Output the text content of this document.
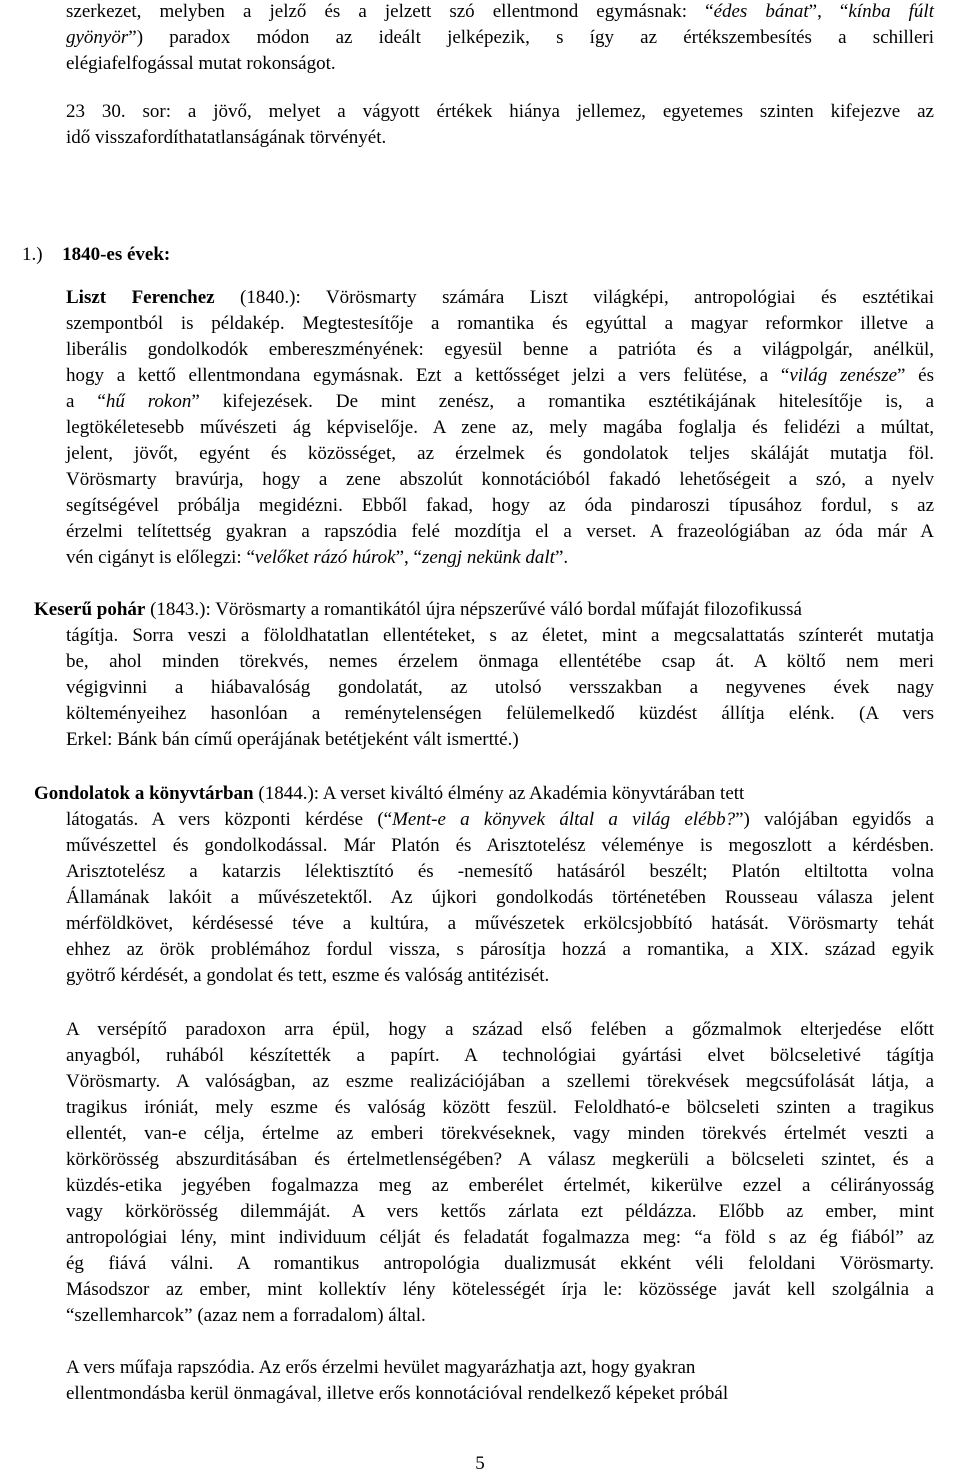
szerkezet, melyben a jelző és a jelzett szó ellentmond egymásnak: “édes bánat”, “kínba fúlt
gyönyör”) paradox módon az ideált jelképezik, s így az értékszembesítés a schilleri
elégiafelfogással mutat rokonságot.
23 30. sor: a jövő, melyet a vágyott értékek hiánya jellemez, egyetemes szinten kifejezve az
idő visszafordíthatatlanságának törvényét.
1.) 1840-es évek:
Liszt Ferenchez (1840.): Vörösmarty számára Liszt világképi, antropológiai és esztétikai
szempontból is példakép. Megtestesítője a romantika és egyúttal a magyar reformkor illetve a
liberális gondolkodók embereszményének: egyesül benne a patrióta és a világpolgár, anélkül,
hogy a kettő ellentmondana egymásnak. Ezt a kettősséget jelzi a vers felütése, a “világ zenésze” és
a “hű rokon” kifejezések. De mint zenész, a romantika esztétikájának hitelesítője is, a
legtökéletesebb művészeti ág képviselője. A zene az, mely magába foglalja és felidézi a múltat,
jelent, jövőt, egyént és közösséget, az érzelmek és gondolatok teljes skáláját mutatja föl.
Vörösmarty bravúrja, hogy a zene abszolút konnotációból fakadó lehetőségeit a szó, a nyelv
segítségével próbálja megidézni. Ebből fakad, hogy az óda pindaroszi típusához fordul, s az
érzelmi telítettség gyakran a rapszódia felé mozdítja el a verset. A frazeológiában az óda már A
vén cigányt is előlegzi: “velőket rázó húrok”, “zengj nekünk dalt”.
Keserű pohár (1843.): Vörösmarty a romantikától újra népszerűvé váló bordal műfaját filozofikussá
tágítja. Sorra veszi a föloldhatatlan ellentéteket, s az életet, mint a megcsalattatás színterét mutatja
be, ahol minden törekvés, nemes érzelem önmaga ellentétébe csap át. A költő nem meri
végigvinni a hiábavalóság gondolatát, az utolsó versszakban a negyvenes évek nagy
költeményeihez hasonlóan a reménytelenségen felülemelkedő küzdést állítja elénk. (A vers
Erkel: Bánk bán című operájának betétjeként vált ismertté.)
Gondolatok a könyvtárban (1844.): A verset kiváltó élmény az Akadémia könyvtárában tett
látogatás. A vers központi kérdése (“Ment-e a könyvek által a világ elébb?”) valójában egyidős a
művészettel és gondolkodással. Már Platón és Arisztotelész véleménye is megoszlott a kérdésben.
Arisztotelész a katarzis lélektisztító és -nemesítő hatásáról beszélt; Platón eltiltotta volna
Államának lakóit a művészetektől. Az újkori gondolkodás történetében Rousseau válasza jelent
mérföldkövet, kérdésessé téve a kultúra, a művészetek erkölcsjobbító hatását. Vörösmarty tehát
ehhez az örök problémához fordul vissza, s párosítja hozzá a romantika, a XIX. század egyik
gyötrő kérdését, a gondolat és tett, eszme és valóság antitézisét.
A versépítő paradoxon arra épül, hogy a század első felében a gőzmalmok elterjedése előtt
anyagból, ruhából készítették a papírt. A technológiai gyártási elvet bölcseletivé tágítja
Vörösmarty. A valóságban, az eszme realizációjában a szellemi törekvések megcsúfolását látja, a
tragikus iróniát, mely eszme és valóság között feszül. Feloldható-e bölcseleti szinten a tragikus
ellentét, van-e célja, értelme az emberi törekvéseknek, vagy minden törekvés értelmét veszti a
körkörösség abszurditásában és értelmetlenségében? A válasz megkerüli a bölcseleti szintet, és a
küzdés-etika jegyében fogalmazza meg az emberélet értelmét, kikerülve ezzel a célirányosság
vagy körkörösség dilemmáját. A vers kettős zárlata ezt példázza. Előbb az ember, mint
antropológiai lény, mint individuum célját és feladatát fogalmazza meg: “a föld s az ég fiából” az
ég fiává válni. A romantikus antropológia dualizmusát ekként véli feloldani Vörösmarty.
Másodszor az ember, mint kollektív lény kötelességét írja le: közössége javát kell szolgálnia a
“szellemharcok” (azaz nem a forradalom) által.
A vers műfaja rapszódia. Az erős érzelmi hevület magyarázhatja azt, hogy gyakran
ellentmondásba kerül önmagával, illetve erős konnotációval rendelkező képeket próbál
5
